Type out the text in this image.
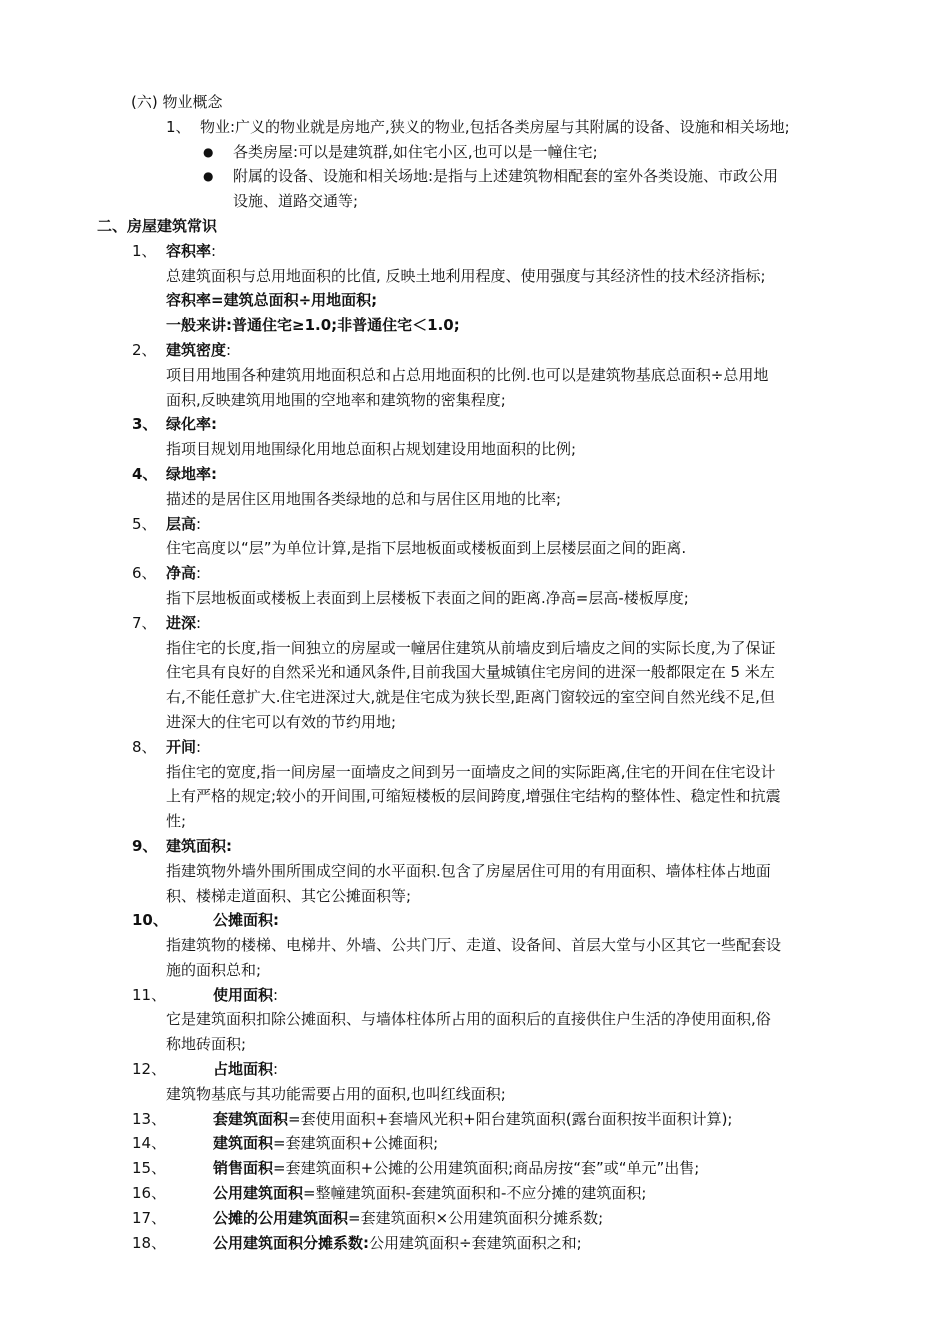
(六) 物业概念
1、 物业:广义的物业就是房地产,狭义的物业,包括各类房屋与其附属的设备、设施和相关场地;
● 各类房屋:可以是建筑群,如住宅小区,也可以是一幢住宅;
● 附属的设备、设施和相关场地:是指与上述建筑物相配套的室外各类设施、市政公用
设施、道路交通等;
二、房屋建筑常识
1、 容积率:
总建筑面积与总用地面积的比值, 反映土地利用程度、使用强度与其经济性的技术经济指标;
容积率=建筑总面积÷用地面积;
一般来讲:普通住宅≥1.0;非普通住宅＜1.0;
2、 建筑密度:
项目用地围各种建筑用地面积总和占总用地面积的比例.也可以是建筑物基底总面积÷总用地
面积,反映建筑用地围的空地率和建筑物的密集程度;
3、 绿化率:
指项目规划用地围绿化用地总面积占规划建设用地面积的比例;
4、 绿地率:
描述的是居住区用地围各类绿地的总和与居住区用地的比率;
5、 层高:
住宅高度以“层”为单位计算,是指下层地板面或楼板面到上层楼层面之间的距离.
6、 净高:
指下层地板面或楼板上表面到上层楼板下表面之间的距离.净高=层高-楼板厚度;
7、 进深:
指住宅的长度,指一间独立的房屋或一幢居住建筑从前墙皮到后墙皮之间的实际长度,为了保证
住宅具有良好的自然采光和通风条件,目前我国大量城镇住宅房间的进深一般都限定在 5 米左
右,不能任意扩大.住宅进深过大,就是住宅成为狭长型,距离门窗较远的室空间自然光线不足,但
进深大的住宅可以有效的节约用地;
8、 开间:
指住宅的宽度,指一间房屋一面墙皮之间到另一面墙皮之间的实际距离,住宅的开间在住宅设计
上有严格的规定;较小的开间围,可缩短楼板的层间跨度,增强住宅结构的整体性、稳定性和抗震
性;
9、 建筑面积:
指建筑物外墙外围所围成空间的水平面积.包含了房屋居住可用的有用面积、墙体柱体占地面
积、楼梯走道面积、其它公摊面积等;
10、	公摊面积:
指建筑物的楼梯、电梯井、外墙、公共门厅、走道、设备间、首层大堂与小区其它一些配套设
施的面积总和;
11、	使用面积:
它是建筑面积扣除公摊面积、与墙体柱体所占用的面积后的直接供住户生活的净使用面积,俗
称地砖面积;
12、	占地面积:
建筑物基底与其功能需要占用的面积,也叫红线面积;
13、	套建筑面积=套使用面积+套墙风光积+阳台建筑面积(露台面积按半面积计算);
14、	建筑面积=套建筑面积+公摊面积;
15、	销售面积=套建筑面积+公摊的公用建筑面积;商品房按“套”或“单元”出售;
16、	公用建筑面积=整幢建筑面积-套建筑面积和-不应分摊的建筑面积;
17、	公摊的公用建筑面积=套建筑面积×公用建筑面积分摊系数;
18、	公用建筑面积分摊系数:公用建筑面积÷套建筑面积之和;
